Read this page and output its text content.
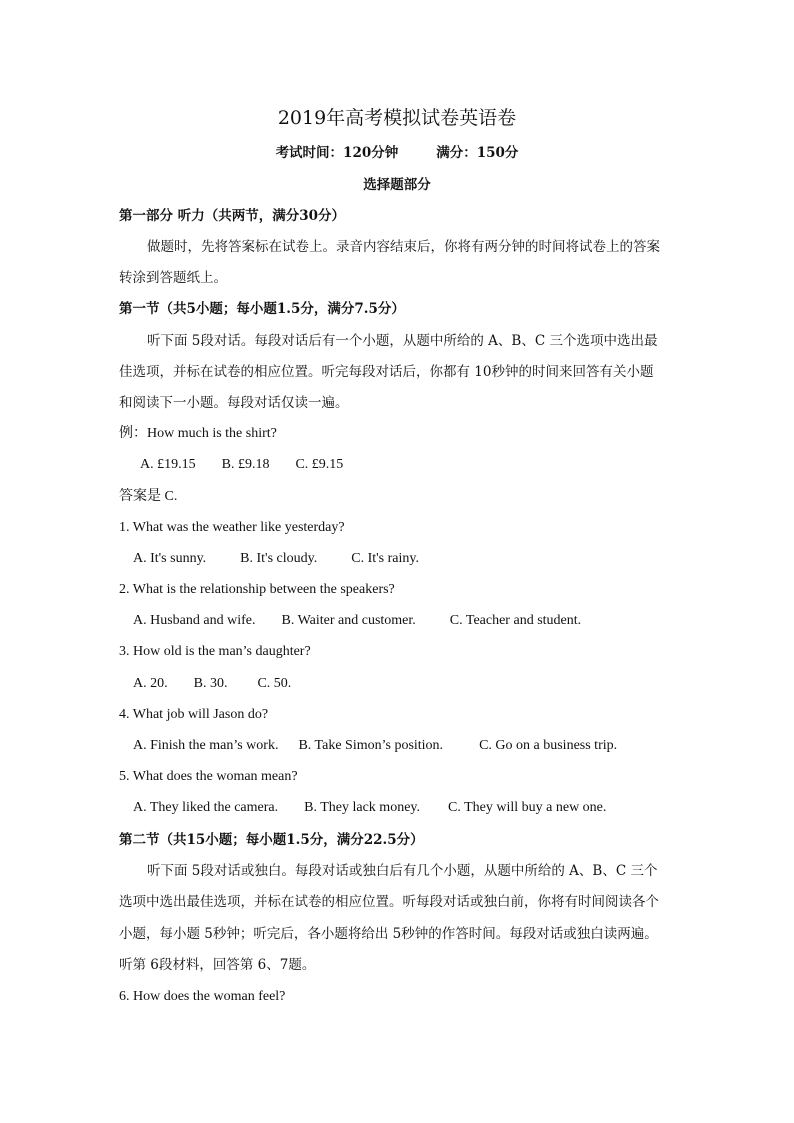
2019年高考模拟试卷英语卷
考试时间：120分钟	满分：150分
选择题部分
第一部分 听力（共两节，满分30分）
做题时，先将答案标在试卷上。录音内容结束后，你将有两分钟的时间将试卷上的答案
转涂到答题纸上。
第一节（共5小题；每小题1.5分，满分7.5分）
听下面 5段对话。每段对话后有一个小题，从题中所给的 A、B、C 三个选项中选出最
佳选项，并标在试卷的相应位置。听完每段对话后，你都有 10秒钟的时间来回答有关小题
和阅读下一小题。每段对话仅读一遍。
例：How much is the shirt?
A. £19.15 B. £9.18 C. £9.15
答案是 C.
1. What was the weather like yesterday?
A. It's sunny. B. It's cloudy. C. It's rainy.
2. What is the relationship between the speakers?
A. Husband and wife. B. Waiter and customer. C. Teacher and student.
3. How old is the man’s daughter?
A. 20. B. 30. C. 50.
4. What job will Jason do?
A. Finish the man’s work. B. Take Simon’s position.	C. Go on a business trip.
5. What does the woman mean?
A. They liked the camera. B. They lack money. C. They will buy a new one.
第二节（共15小题；每小题1.5分，满分22.5分）
听下面 5段对话或独白。每段对话或独白后有几个小题，从题中所给的 A、B、C 三个
选项中选出最佳选项，并标在试卷的相应位置。听每段对话或独白前，你将有时间阅读各个
小题，每小题 5秒钟；听完后，各小题将给出 5秒钟的作答时间。每段对话或独白读两遍。
听第 6段材料，回答第 6、7题。
6. How does the woman feel?
